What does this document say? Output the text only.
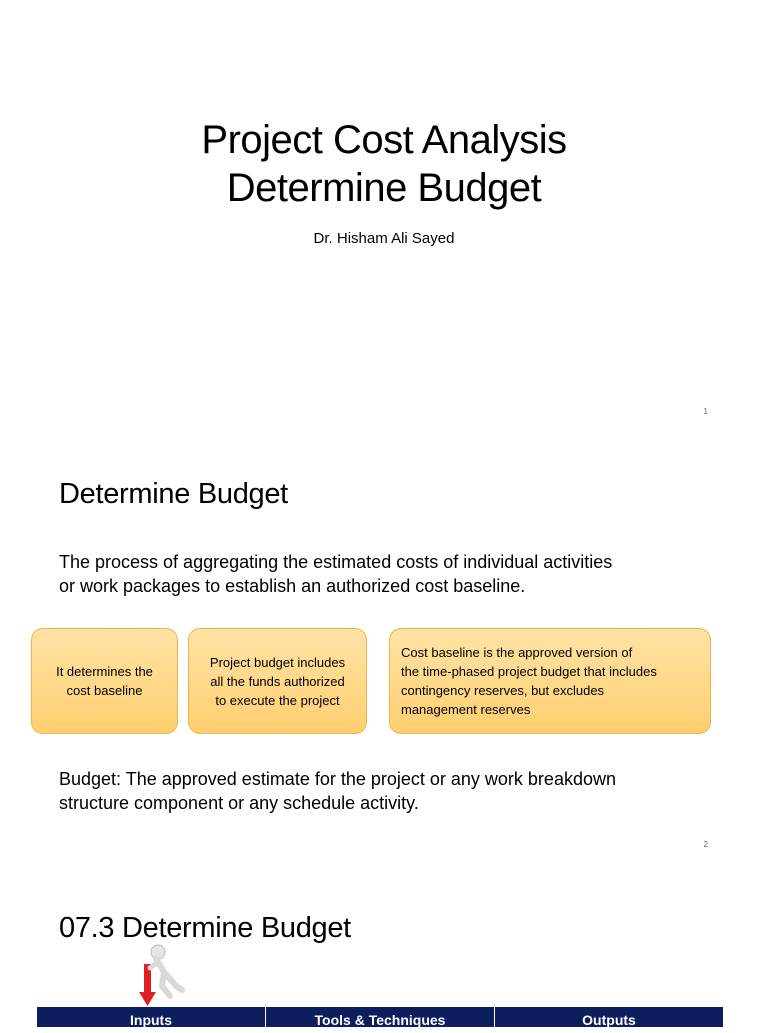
Project Cost Analysis
Determine Budget
Dr. Hisham Ali Sayed
1
Determine Budget
The process of aggregating the estimated costs of individual activities
or work packages to establish an authorized cost baseline.
It determines the
cost baseline
Project budget includes
all the funds authorized
to execute the project
Cost baseline is the approved version of
the time-phased project budget that includes
contingency reserves, but excludes
management reserves
Budget: The approved estimate for the project or any work breakdown
structure component or any schedule activity.
2
07.3 Determine Budget
Inputs	Tools & Techniques	Outputs
